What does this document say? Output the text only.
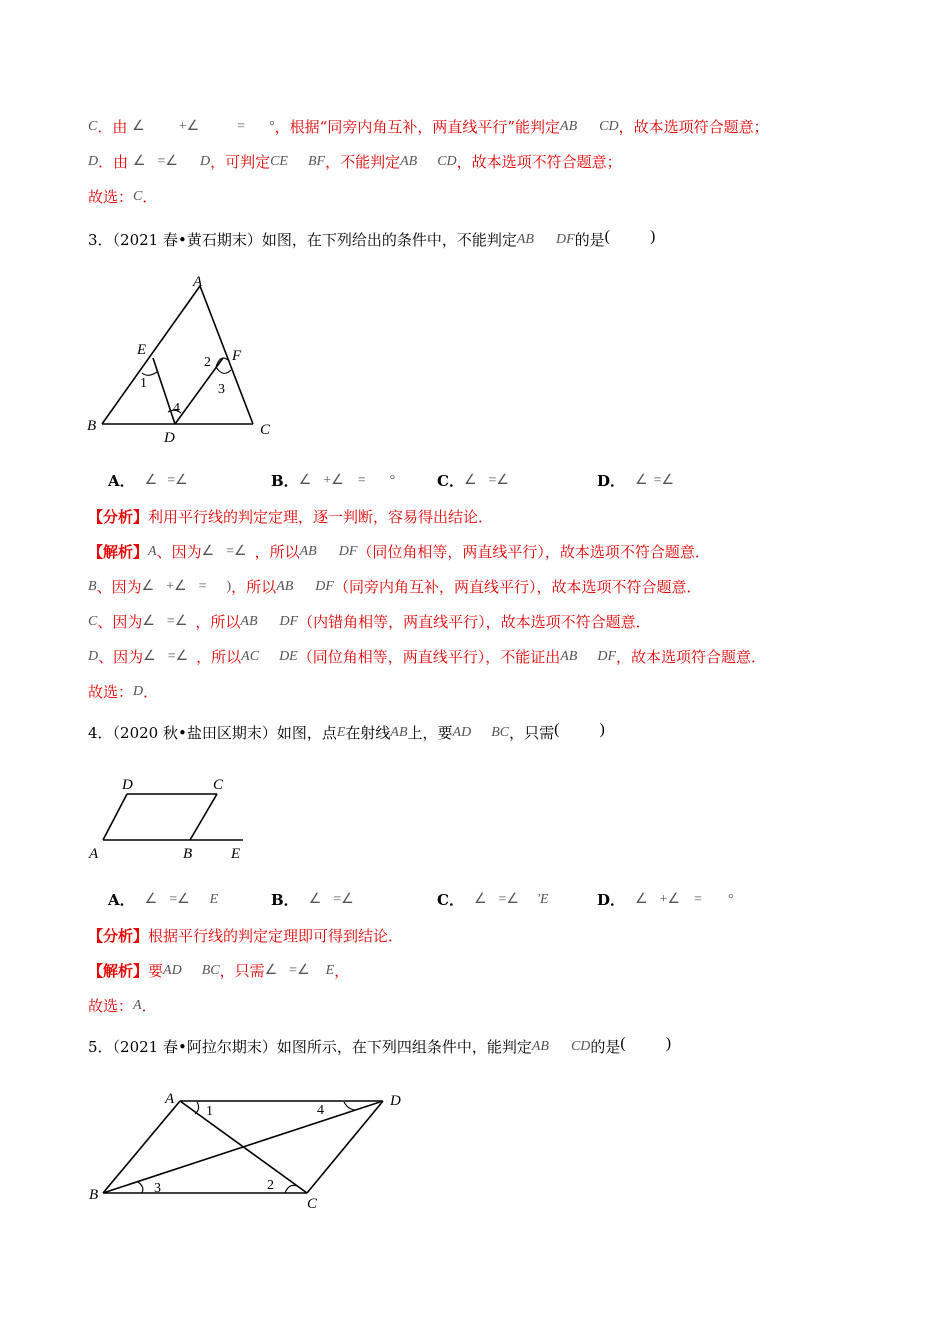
C．由 ∠ +∠	= °，根据“同旁内角互补，两直线平行”能判定AB CD，故本选项符合题意；
D．由 ∠ =∠ D，可判定CE BF，不能判定AB CD，故本选项不符合题意；
故选：C．
3．（2021 春•黄石期末）如图，在下列给出的条件中，不能判定AB DF的是(	)
A
B	C
D
E	F
1
2
3
4
A． ∠ =∠	B．∠ +∠ = °	C．∠ =∠	D． ∠ =∠
【分析】利用平行线的判定定理，逐一判断，容易得出结论．
【解析】A、因为∠ =∠ ，所以AB DF（同位角相等，两直线平行），故本选项不符合题意．
B、因为∠ +∠ = )，所以AB DF（同旁内角互补，两直线平行），故本选项不符合题意．
C、因为∠ =∠ ，所以AB DF（内错角相等，两直线平行），故本选项不符合题意．
D、因为∠ =∠ ，所以AC DE（同位角相等，两直线平行），不能证出AB DF，故本选项符合题意．
故选：D．
4．（2020 秋•盐田区期末）如图，点E在射线AB上，要AD BC，只需(	)
D	C
A	B	E
A． ∠ =∠ E	B． ∠ =∠	C． ∠ =∠ 'E	D． ∠ +∠ = °
【分析】根据平行线的判定定理即可得到结论．
【解析】要AD BC，只需∠ =∠ E，
故选：A．
5．（2021 春•阿拉尔期末）如图所示，在下列四组条件中，能判定AB CD的是(	)
A	D
B
C
1	4
3	2
